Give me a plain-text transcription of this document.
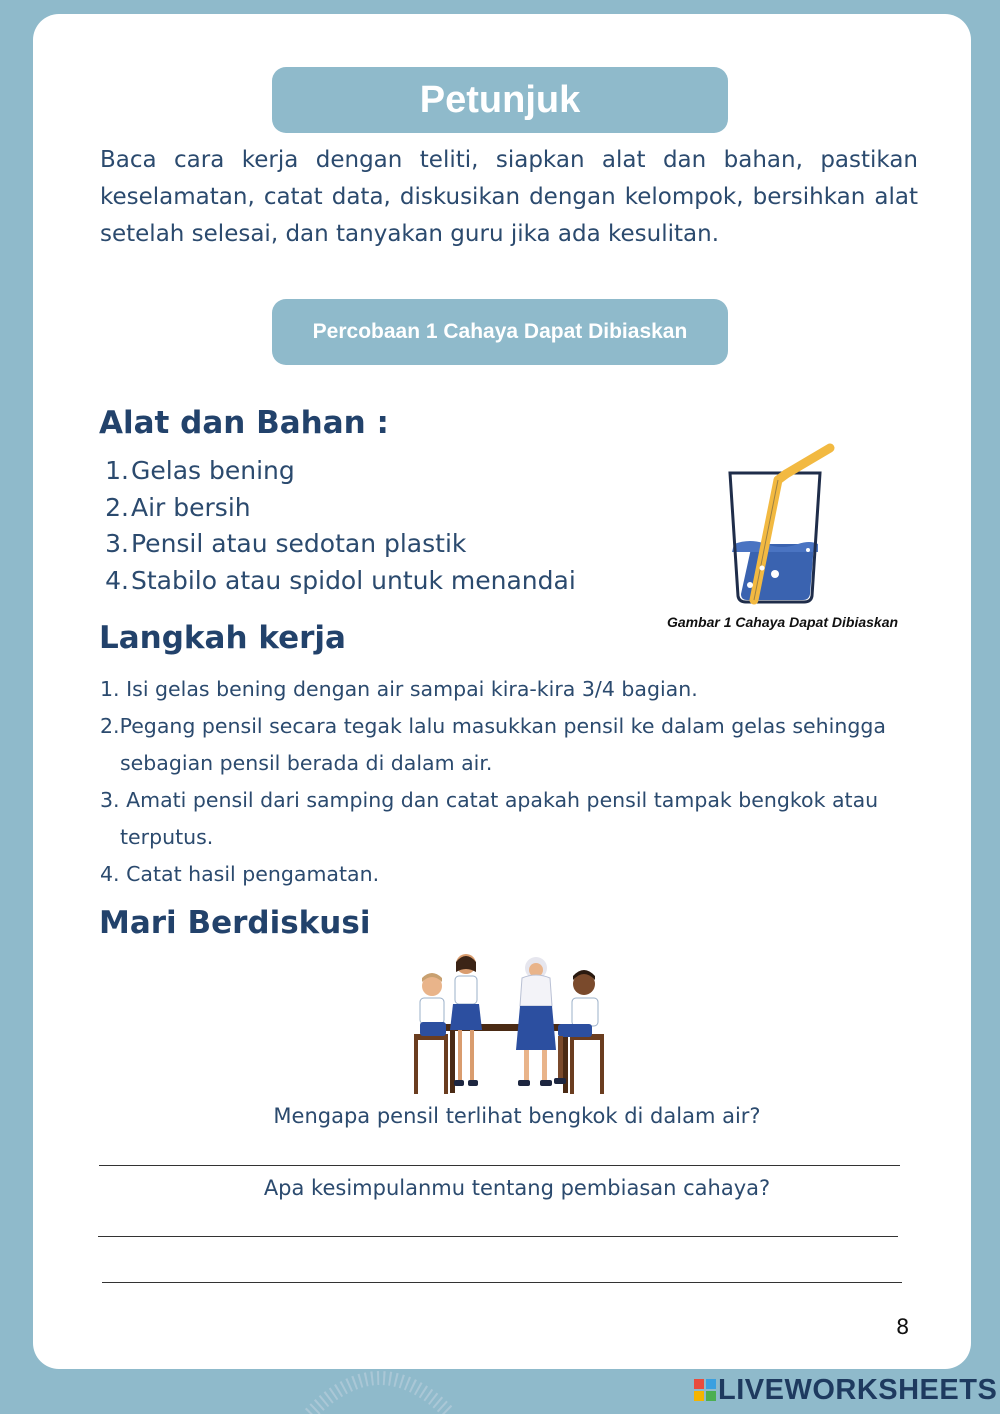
Petunjuk

Baca cara kerja dengan teliti, siapkan alat dan bahan, pastikan keselamatan, catat data, diskusikan dengan kelompok, bersihkan alat setelah selesai, dan tanyakan guru jika ada kesulitan.

Percobaan 1 Cahaya Dapat Dibiaskan
Alat dan Bahan :
1.Gelas bening
2.Air bersih
3.Pensil atau sedotan plastik
4.Stabilo atau spidol untuk menandai
Gambar 1 Cahaya Dapat Dibiaskan
Langkah kerja
1. Isi gelas bening dengan air sampai kira-kira 3/4 bagian.
2.Pegang pensil secara tegak lalu masukkan pensil ke dalam gelas sehingga
sebagian pensil berada di dalam air.
3. Amati pensil dari samping dan catat apakah pensil tampak bengkok atau
terputus.
4. Catat hasil pengamatan.
Mari Berdiskusi
Mengapa pensil terlihat bengkok di dalam air?
Apa kesimpulanmu tentang pembiasan cahaya?
8
LIVEWORKSHEETS
